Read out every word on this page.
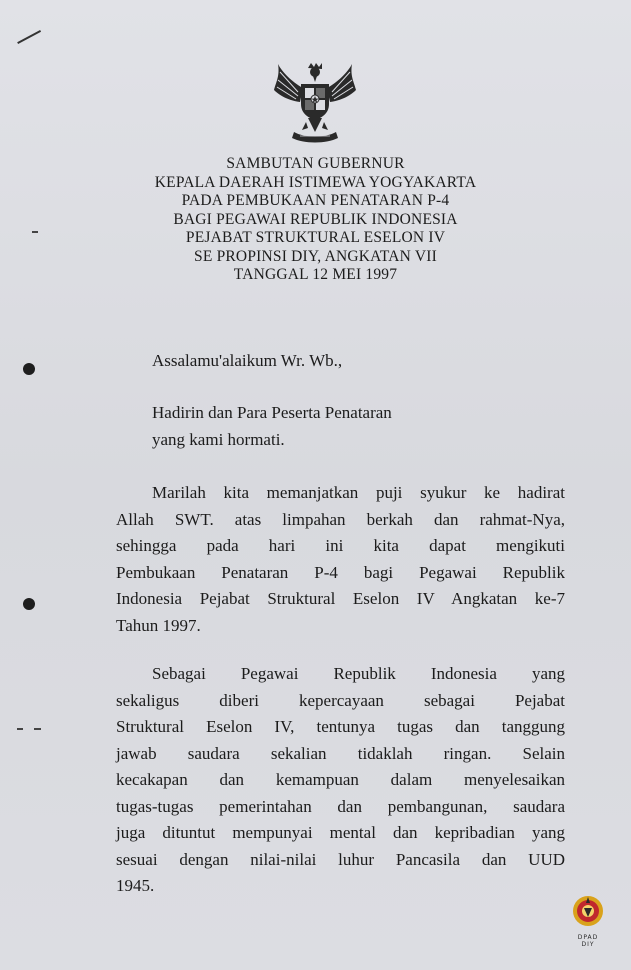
SAMBUTAN GUBERNUR
KEPALA DAERAH ISTIMEWA YOGYAKARTA
PADA PEMBUKAAN PENATARAN P-4
BAGI PEGAWAI REPUBLIK INDONESIA
PEJABAT STRUKTURAL ESELON IV
SE PROPINSI DIY, ANGKATAN VII
TANGGAL 12 MEI 1997
Assalamu'alaikum Wr. Wb.,
Hadirin dan Para Peserta Penataran
yang kami hormati.
Marilah kita memanjatkan puji syukur ke hadirat
Allah SWT. atas limpahan berkah dan rahmat-Nya,
sehingga pada hari ini kita dapat mengikuti
Pembukaan Penataran P-4 bagi Pegawai Republik
Indonesia Pejabat Struktural Eselon IV Angkatan ke-7
Tahun 1997.
Sebagai Pegawai Republik Indonesia yang
sekaligus diberi kepercayaan sebagai Pejabat
Struktural Eselon IV, tentunya tugas dan tanggung
jawab saudara sekalian tidaklah ringan. Selain
kecakapan dan kemampuan dalam menyelesaikan
tugas-tugas pemerintahan dan pembangunan, saudara
juga dituntut mempunyai mental dan kepribadian yang
sesuai dengan nilai-nilai luhur Pancasila dan UUD
1945.
DPAD
DIY
